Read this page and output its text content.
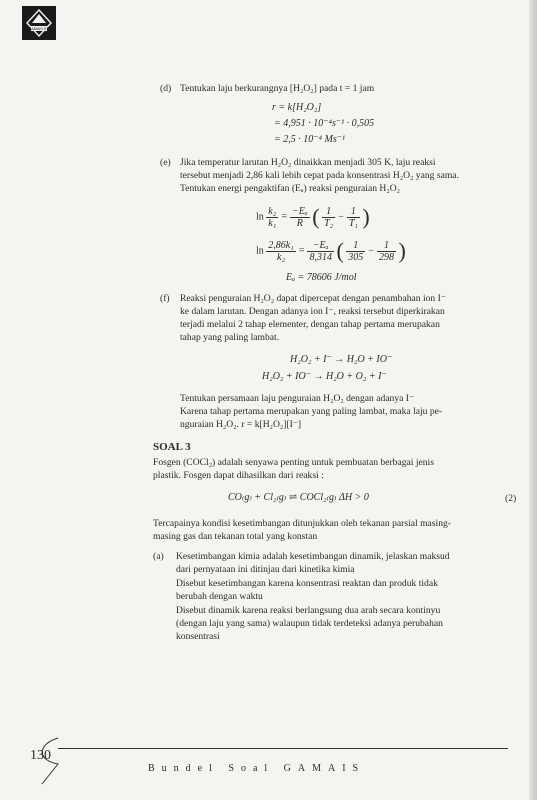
GAMAIS ITB
(d) Tentukan laju berkurangnya [H₂O₂] pada t = 1 jam
r = k[H₂O₂]
= 4,951 · 10⁻⁴s⁻¹ · 0,505
= 2,5 · 10⁻⁴ Ms⁻¹
(e) Jika temperatur larutan H₂O₂ dinaikkan menjadi 305 K, laju reaksi
tersebut menjadi 2,86 kali lebih cepat pada konsentrasi H₂O₂ yang sama.
Tentukan energi pengaktifan (Eₐ) reaksi penguraian H₂O₂
$\ln \frac{\text{k₂}}{\text{k₁}} = \frac{\text{−Eₐ}}{R}$ ( $\frac{1}{\text{T₂}} - \frac{1}{\text{T₁}}$ )
$\ln \frac{\text{2,86k₁}}{\text{k₂}} = \frac{\text{−Eₐ}}{8,314}$ ( $\frac{1}{305} - \frac{1}{298}$ )
Eₐ = 78606 J/mol
(f) Reaksi penguraian H₂O₂ dapat dipercepat dengan penambahan ion I⁻
ke dalam larutan. Dengan adanya ion I⁻, reaksi tersebut diperkirakan
terjadi melalui 2 tahap elementer, dengan tahap pertama merupakan
tahap yang paling lambat.
H₂O₂ + I⁻ → H₂O + IO⁻
H₂O₂ + IO⁻ → H₂O + O₂ + I⁻
Tentukan persamaan laju penguraian H₂O₂ dengan adanya I⁻
Karena tahap pertama merupakan yang paling lambat, maka laju pe-
nguraian H₂O₂. r = k[H₂O₂][I⁻]
SOAL 3
Fosgen (COCl₂) adalah senyawa penting untuk pembuatan berbagai jenis
plastik. Fosgen dapat dihasilkan dari reaksi :
CO₍g₎ + Cl₂₍g₎ ⇌ COCl₂₍g₎ ΔH > 0	(2)
Tercapainya kondisi kesetimbangan ditunjukkan oleh tekanan parsial masing-
masing gas dan tekanan total yang konstan
(a) Kesetimbangan kimia adalah kesetimbangan dinamik, jelaskan maksud
dari pernyataan ini ditinjau dari kinetika kimia
Disebut kesetimbangan karena konsentrasi reaktan dan produk tidak
berubah dengan waktu
Disebut dinamik karena reaksi berlangsung dua arah secara kontinyu
(dengan laju yang sama) walaupun tidak terdeteksi adanya perubahan
konsentrasi
130
Bundel Soal GAMAIS
